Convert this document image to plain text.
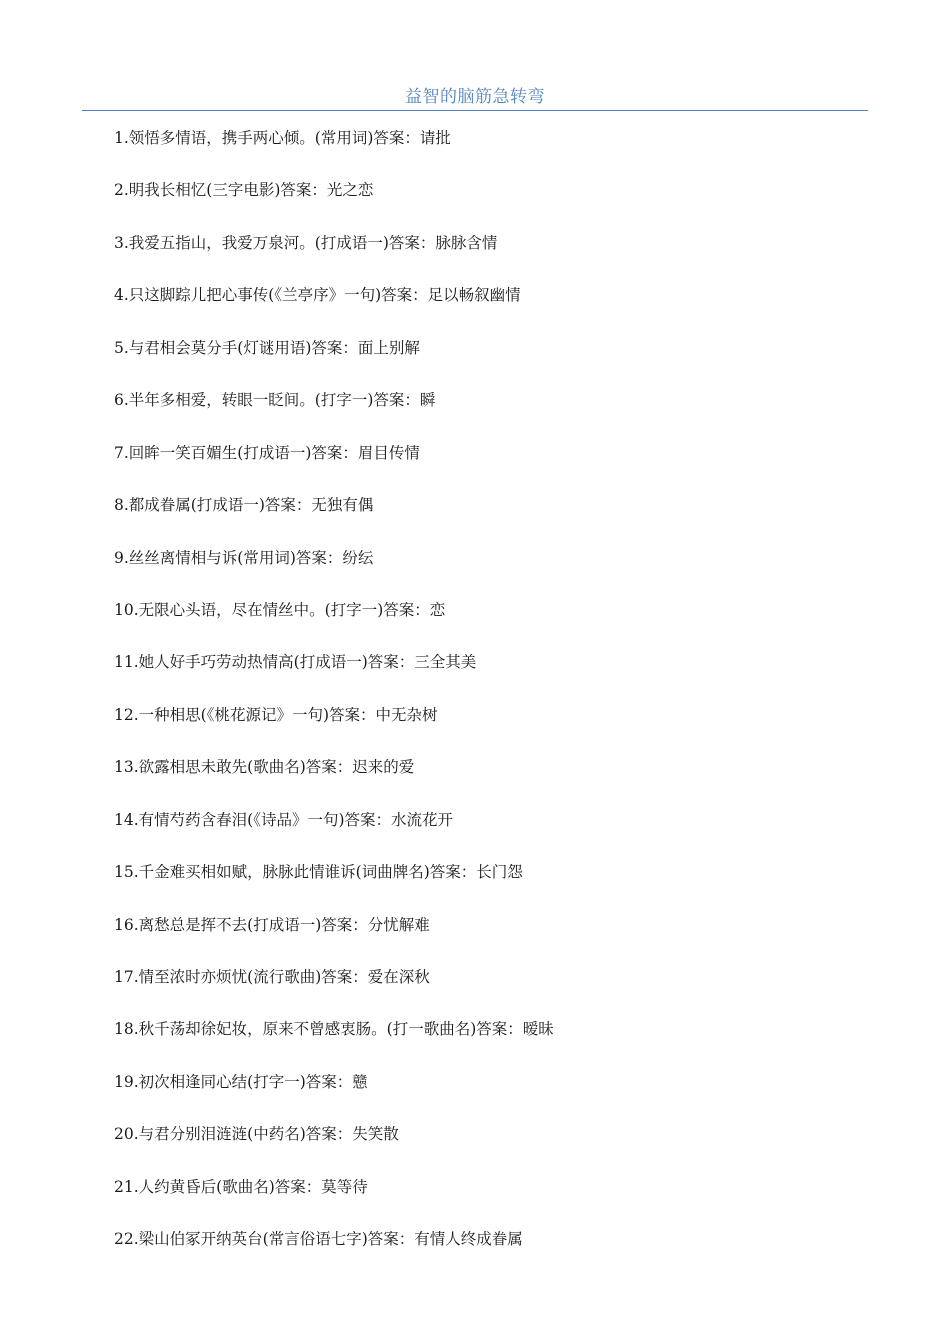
益智的脑筋急转弯
1.领悟多情语，携手两心倾。(常用词)答案：请批
2.明我长相忆(三字电影)答案：光之恋
3.我爱五指山，我爱万泉河。(打成语一)答案：脉脉含情
4.只这脚踪儿把心事传(《兰亭序》一句)答案：足以畅叙幽情
5.与君相会莫分手(灯谜用语)答案：面上别解
6.半年多相爱，转眼一眨间。(打字一)答案：瞬
7.回眸一笑百媚生(打成语一)答案：眉目传情
8.都成眷属(打成语一)答案：无独有偶
9.丝丝离情相与诉(常用词)答案：纷纭
10.无限心头语，尽在情丝中。(打字一)答案：恋
11.她人好手巧劳动热情高(打成语一)答案：三全其美
12.一种相思(《桃花源记》一句)答案：中无杂树
13.欲露相思未敢先(歌曲名)答案：迟来的爱
14.有情芍药含春泪(《诗品》一句)答案：水流花开
15.千金难买相如赋，脉脉此情谁诉(词曲牌名)答案：长门怨
16.离愁总是挥不去(打成语一)答案：分忧解难
17.情至浓时亦烦忧(流行歌曲)答案：爱在深秋
18.秋千荡却徐妃妆，原来不曾感衷肠。(打一歌曲名)答案：暧昧
19.初次相逢同心结(打字一)答案：戆
20.与君分别泪涟涟(中药名)答案：失笑散
21.人约黄昏后(歌曲名)答案：莫等待
22.梁山伯冢开纳英台(常言俗语七字)答案：有情人终成眷属
